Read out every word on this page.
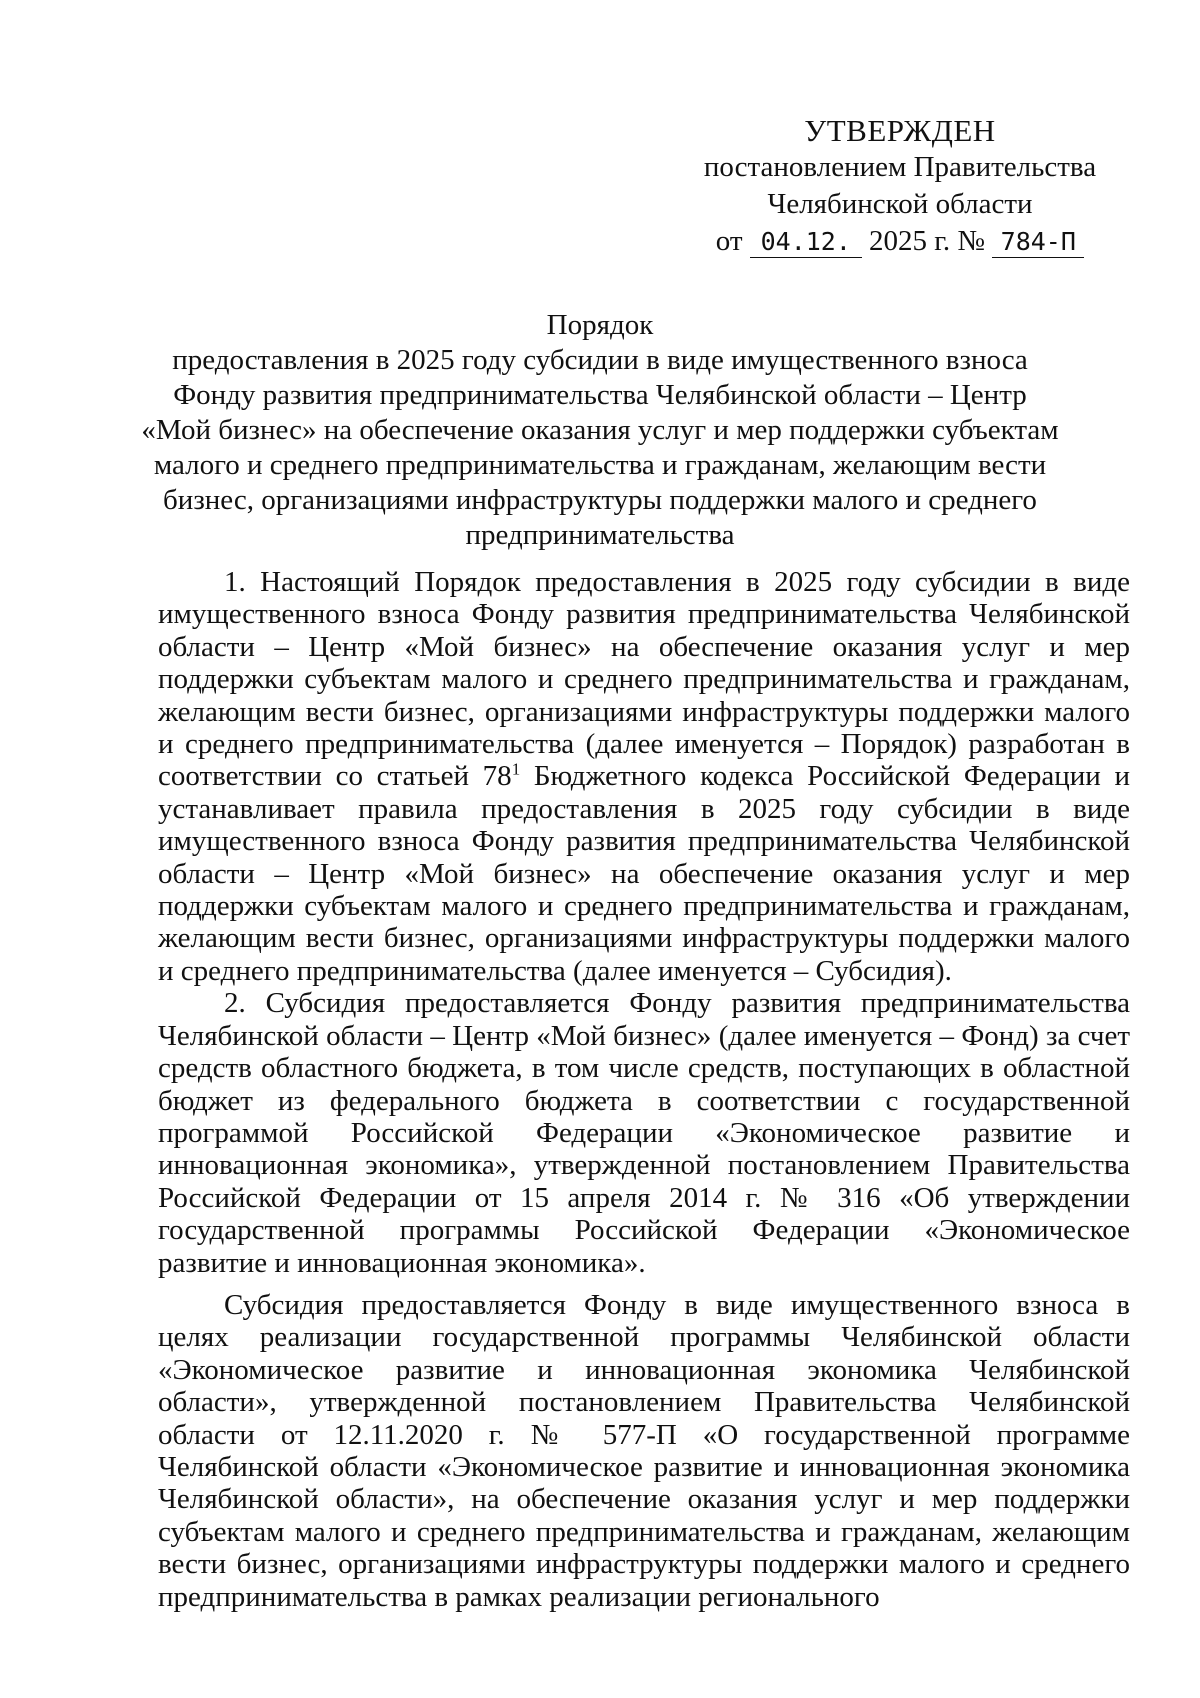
УТВЕРЖДЕН
постановлением Правительства
Челябинской области
от 04.12. 2025 г. № 784-П
Порядок
предоставления в 2025 году субсидии в виде имущественного взноса Фонду развития предпринимательства Челябинской области – Центр «Мой бизнес» на обеспечение оказания услуг и мер поддержки субъектам малого и среднего предпринимательства и гражданам, желающим вести бизнес, организациями инфраструктуры поддержки малого и среднего предпринимательства

1. Настоящий Порядок предоставления в 2025 году субсидии в виде имущественного взноса Фонду развития предпринимательства Челябинской области – Центр «Мой бизнес» на обеспечение оказания услуг и мер поддержки субъектам малого и среднего предпринимательства и гражданам, желающим вести бизнес, организациями инфраструктуры поддержки малого и среднего предпринимательства (далее именуется – Порядок) разработан в соответствии со статьей $78^1$ Бюджетного кодекса Российской Федерации и устанавливает правила предоставления в 2025 году субсидии в виде имущественного взноса Фонду развития предпринимательства Челябинской области – Центр «Мой бизнес» на обеспечение оказания услуг и мер поддержки субъектам малого и среднего предпринимательства и гражданам, желающим вести бизнес, организациями инфраструктуры поддержки малого и среднего предпринимательства (далее именуется – Субсидия).

2. Субсидия предоставляется Фонду развития предпринимательства Челябинской области – Центр «Мой бизнес» (далее именуется – Фонд) за счет средств областного бюджета, в том числе средств, поступающих в областной бюджет из федерального бюджета в соответствии с государственной программой Российской Федерации «Экономическое развитие и инновационная экономика», утвержденной постановлением Правительства Российской Федерации от 15 апреля 2014 г. № 316 «Об утверждении государственной программы Российской Федерации «Экономическое развитие и инновационная экономика».

Субсидия предоставляется Фонду в виде имущественного взноса в целях реализации государственной программы Челябинской области «Экономическое развитие и инновационная экономика Челябинской области», утвержденной постановлением Правительства Челябинской области от 12.11.2020 г. № 577-П «О государственной программе Челябинской области «Экономическое развитие и инновационная экономика Челябинской области», на обеспечение оказания услуг и мер поддержки субъектам малого и среднего предпринимательства и гражданам, желающим вести бизнес, организациями инфраструктуры поддержки малого и среднего предпринимательства в рамках реализации регионального
